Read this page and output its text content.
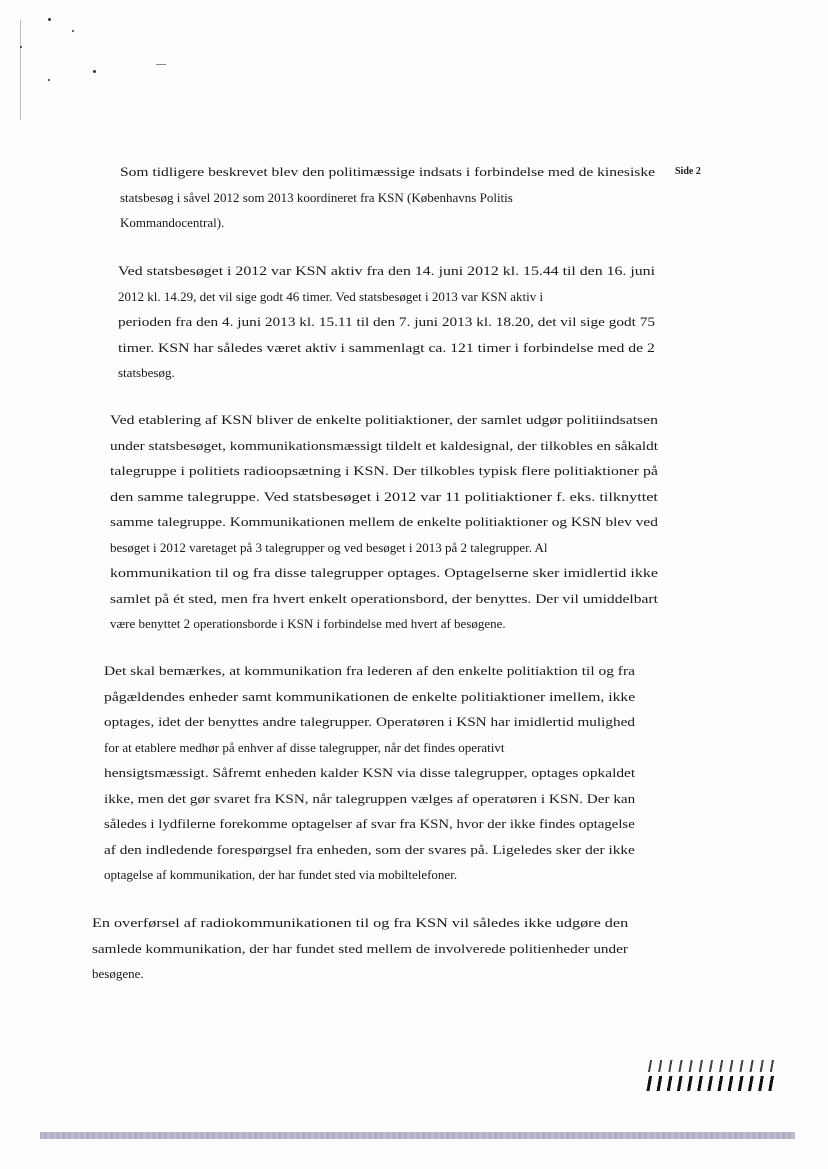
Side 2

Som tidligere beskrevet blev den politimæssige indsats i forbindelse med de kinesiske
statsbesøg i såvel 2012 som 2013 koordineret fra KSN (Københavns Politis
Kommandocentral).

Ved statsbesøget i 2012 var KSN aktiv fra den 14. juni 2012 kl. 15.44 til den 16. juni
2012 kl. 14.29, det vil sige godt 46 timer. Ved statsbesøget i 2013 var KSN aktiv i
perioden fra den 4. juni 2013 kl. 15.11 til den 7. juni 2013 kl. 18.20, det vil sige godt 75
timer. KSN har således været aktiv i sammenlagt ca. 121 timer i forbindelse med de 2
statsbesøg.

Ved etablering af KSN bliver de enkelte politiaktioner, der samlet udgør politiindsatsen
under statsbesøget, kommunikationsmæssigt tildelt et kaldesignal, der tilkobles en såkaldt
talegruppe i politiets radioopsætning i KSN. Der tilkobles typisk flere politiaktioner på
den samme talegruppe. Ved statsbesøget i 2012 var 11 politiaktioner f. eks. tilknyttet
samme talegruppe. Kommunikationen mellem de enkelte politiaktioner og KSN blev ved
besøget i 2012 varetaget på 3 talegrupper og ved besøget i 2013 på 2 talegrupper. Al
kommunikation til og fra disse talegrupper optages. Optagelserne sker imidlertid ikke
samlet på ét sted, men fra hvert enkelt operationsbord, der benyttes. Der vil umiddelbart
være benyttet 2 operationsborde i KSN i forbindelse med hvert af besøgene.

Det skal bemærkes, at kommunikation fra lederen af den enkelte politiaktion til og fra
pågældendes enheder samt kommunikationen de enkelte politiaktioner imellem, ikke
optages, idet der benyttes andre talegrupper. Operatøren i KSN har imidlertid mulighed
for at etablere medhør på enhver af disse talegrupper, når det findes operativt
hensigtsmæssigt. Såfremt enheden kalder KSN via disse talegrupper, optages opkaldet
ikke, men det gør svaret fra KSN, når talegruppen vælges af operatøren i KSN. Der kan
således i lydfilerne forekomme optagelser af svar fra KSN, hvor der ikke findes optagelse
af den indledende forespørgsel fra enheden, som der svares på. Ligeledes sker der ikke
optagelse af kommunikation, der har fundet sted via mobiltelefoner.

En overførsel af radiokommunikationen til og fra KSN vil således ikke udgøre den
samlede kommunikation, der har fundet sted mellem de involverede politienheder under
besøgene.
